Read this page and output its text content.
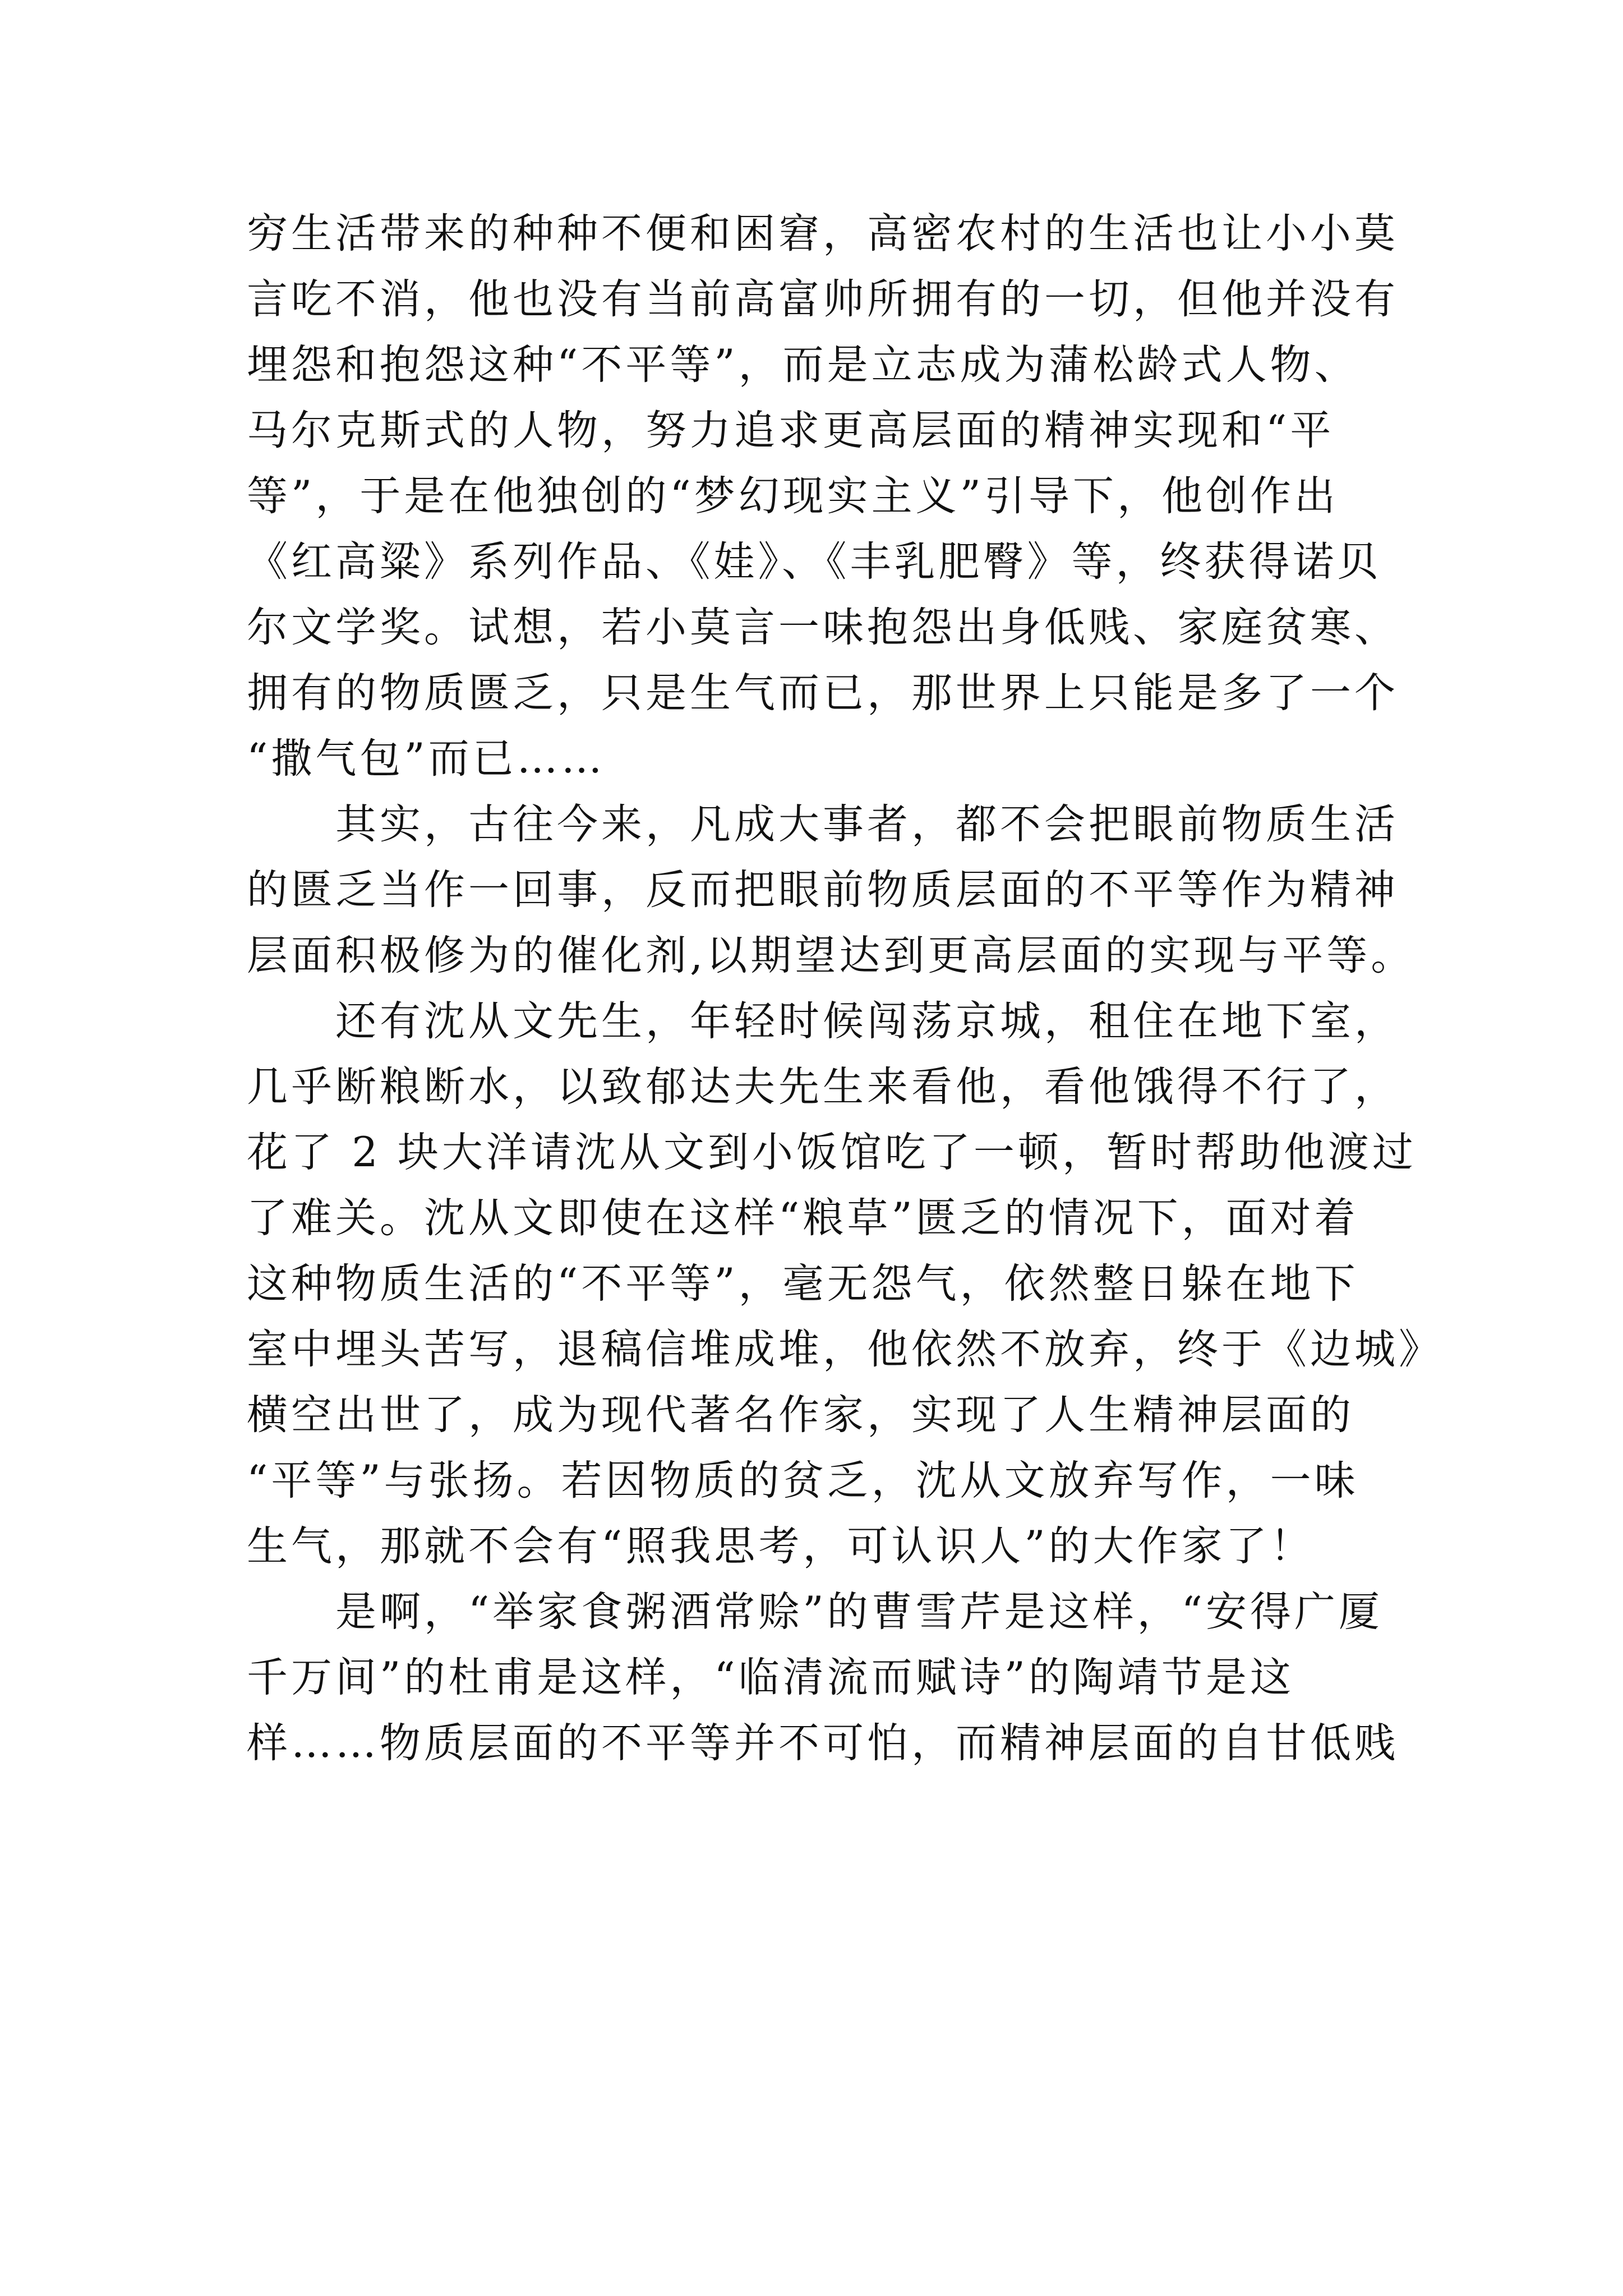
穷生活带来的种种不便和困窘，高密农村的生活也让小小莫
言吃不消，他也没有当前高富帅所拥有的一切，但他并没有
埋怨和抱怨这种“不平等”，而是立志成为蒲松龄式人物、
马尔克斯式的人物，努力追求更高层面的精神实现和“平
等”，于是在他独创的“梦幻现实主义”引导下，他创作出
《红高粱》系列作品、《娃》、《丰乳肥臀》等，终获得诺贝
尔文学奖。试想，若小莫言一味抱怨出身低贱、家庭贫寒、
拥有的物质匮乏，只是生气而已，那世界上只能是多了一个
“撒气包”而已……
　　其实，古往今来，凡成大事者，都不会把眼前物质生活
的匮乏当作一回事，反而把眼前物质层面的不平等作为精神
层面积极修为的催化剂,以期望达到更高层面的实现与平等。
　　还有沈从文先生，年轻时候闯荡京城，租住在地下室，
几乎断粮断水，以致郁达夫先生来看他，看他饿得不行了，
花了 2 块大洋请沈从文到小饭馆吃了一顿，暂时帮助他渡过
了难关。沈从文即使在这样“粮草”匮乏的情况下，面对着
这种物质生活的“不平等”，毫无怨气，依然整日躲在地下
室中埋头苦写，退稿信堆成堆，他依然不放弃，终于《边城》
横空出世了，成为现代著名作家，实现了人生精神层面的
“平等”与张扬。若因物质的贫乏，沈从文放弃写作，一味
生气，那就不会有“照我思考，可认识人”的大作家了！
　　是啊，“举家食粥酒常赊”的曹雪芹是这样，“安得广厦
千万间”的杜甫是这样，“临清流而赋诗”的陶靖节是这
样……物质层面的不平等并不可怕，而精神层面的自甘低贱
